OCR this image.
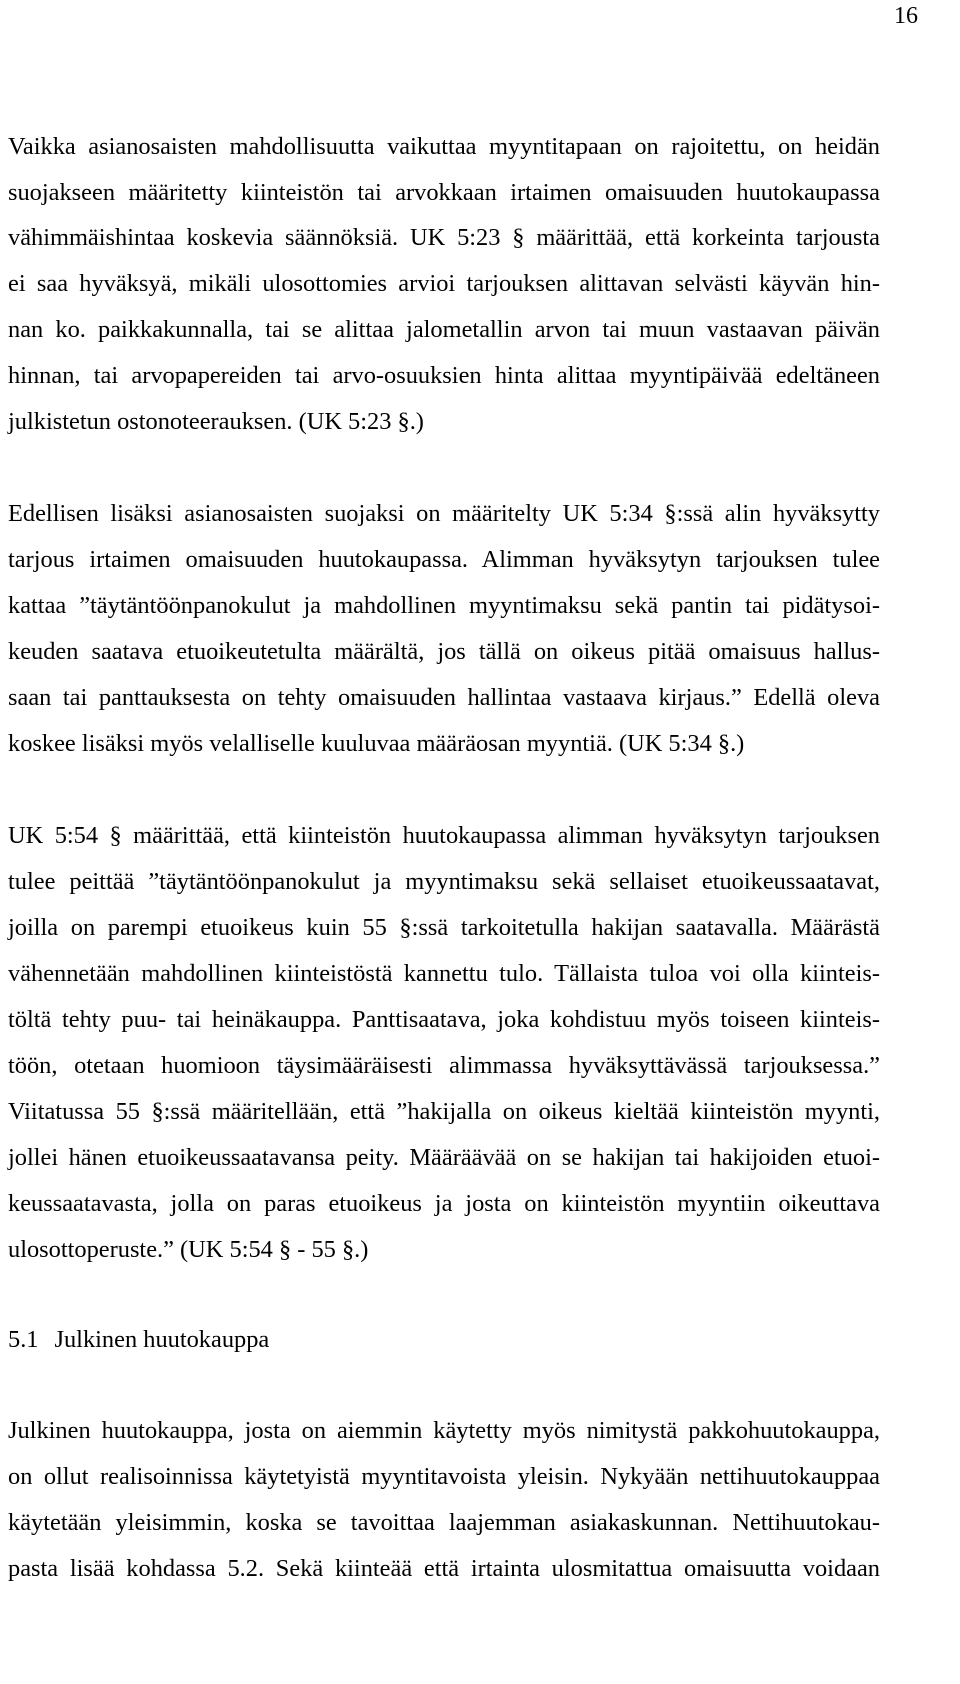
16

Vaikka asianosaisten mahdollisuutta vaikuttaa myyntitapaan on rajoitettu, on heidän

suojakseen määritetty kiinteistön tai arvokkaan irtaimen omaisuuden huutokaupassa

vähimmäishintaa koskevia säännöksiä. UK 5:23 § määrittää, että korkeinta tarjousta

ei saa hyväksyä, mikäli ulosottomies arvioi tarjouksen alittavan selvästi käyvän hin-

nan ko. paikkakunnalla, tai se alittaa jalometallin arvon tai muun vastaavan päivän

hinnan, tai arvopapereiden tai arvo-osuuksien hinta alittaa myyntipäivää edeltäneen

julkistetun ostonoteerauksen. (UK 5:23 §.)

Edellisen lisäksi asianosaisten suojaksi on määritelty UK 5:34 §:ssä alin hyväksytty

tarjous irtaimen omaisuuden huutokaupassa. Alimman hyväksytyn tarjouksen tulee

kattaa ”täytäntöönpanokulut ja mahdollinen myyntimaksu sekä pantin tai pidätysoi-

keuden saatava etuoikeutetulta määrältä, jos tällä on oikeus pitää omaisuus hallus-

saan tai panttauksesta on tehty omaisuuden hallintaa vastaava kirjaus.” Edellä oleva

koskee lisäksi myös velalliselle kuuluvaa määräosan myyntiä. (UK 5:34 §.)

UK 5:54 § määrittää, että kiinteistön huutokaupassa alimman hyväksytyn tarjouksen

tulee peittää ”täytäntöönpanokulut ja myyntimaksu sekä sellaiset etuoikeussaatavat,

joilla on parempi etuoikeus kuin 55 §:ssä tarkoitetulla hakijan saatavalla. Määrästä

vähennetään mahdollinen kiinteistöstä kannettu tulo. Tällaista tuloa voi olla kiinteis-

töltä tehty puu- tai heinäkauppa. Panttisaatava, joka kohdistuu myös toiseen kiinteis-

töön, otetaan huomioon täysimääräisesti alimmassa hyväksyttävässä tarjouksessa.”

Viitatussa 55 §:ssä määritellään, että ”hakijalla on oikeus kieltää kiinteistön myynti,

jollei hänen etuoikeussaatavansa peity. Määräävää on se hakijan tai hakijoiden etuoi-

keussaatavasta, jolla on paras etuoikeus ja josta on kiinteistön myyntiin oikeuttava

ulosottoperuste.” (UK 5:54 § - 55 §.)

5.1 Julkinen huutokauppa

Julkinen huutokauppa, josta on aiemmin käytetty myös nimitystä pakkohuutokauppa,

on ollut realisoinnissa käytetyistä myyntitavoista yleisin. Nykyään nettihuutokauppaa

käytetään yleisimmin, koska se tavoittaa laajemman asiakaskunnan. Nettihuutokau-

pasta lisää kohdassa 5.2. Sekä kiinteää että irtainta ulosmitattua omaisuutta voidaan
